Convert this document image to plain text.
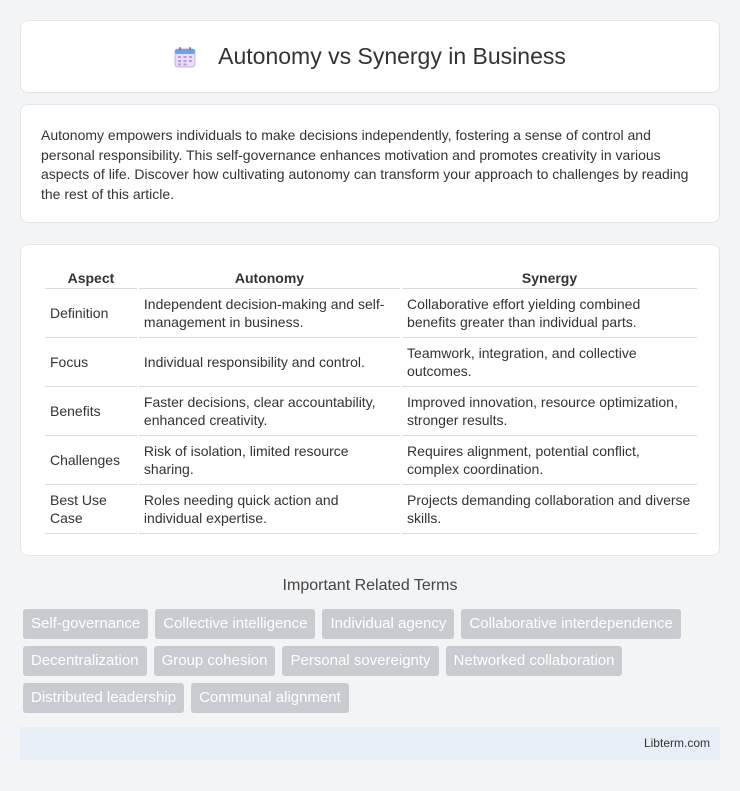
Autonomy vs Synergy in Business

Autonomy empowers individuals to make decisions independently, fostering a sense of control and personal responsibility. This self-governance enhances motivation and promotes creativity in various aspects of life. Discover how cultivating autonomy can transform your approach to challenges by reading the rest of this article.

Aspect	Autonomy	Synergy
Definition	Independent decision-making and self-management in business.	Collaborative effort yielding combined benefits greater than individual parts.
Focus	Individual responsibility and control.	Teamwork, integration, and collective outcomes.
Benefits	Faster decisions, clear accountability, enhanced creativity.	Improved innovation, resource optimization, stronger results.
Challenges	Risk of isolation, limited resource sharing.	Requires alignment, potential conflict, complex coordination.
Best Use Case	Roles needing quick action and individual expertise.	Projects demanding collaboration and diverse skills.
Important Related Terms
Self-governance	Collective intelligence	Individual agency	Collaborative interdependence
Decentralization	Group cohesion	Personal sovereignty	Networked collaboration
Distributed leadership	Communal alignment
Libterm.com
